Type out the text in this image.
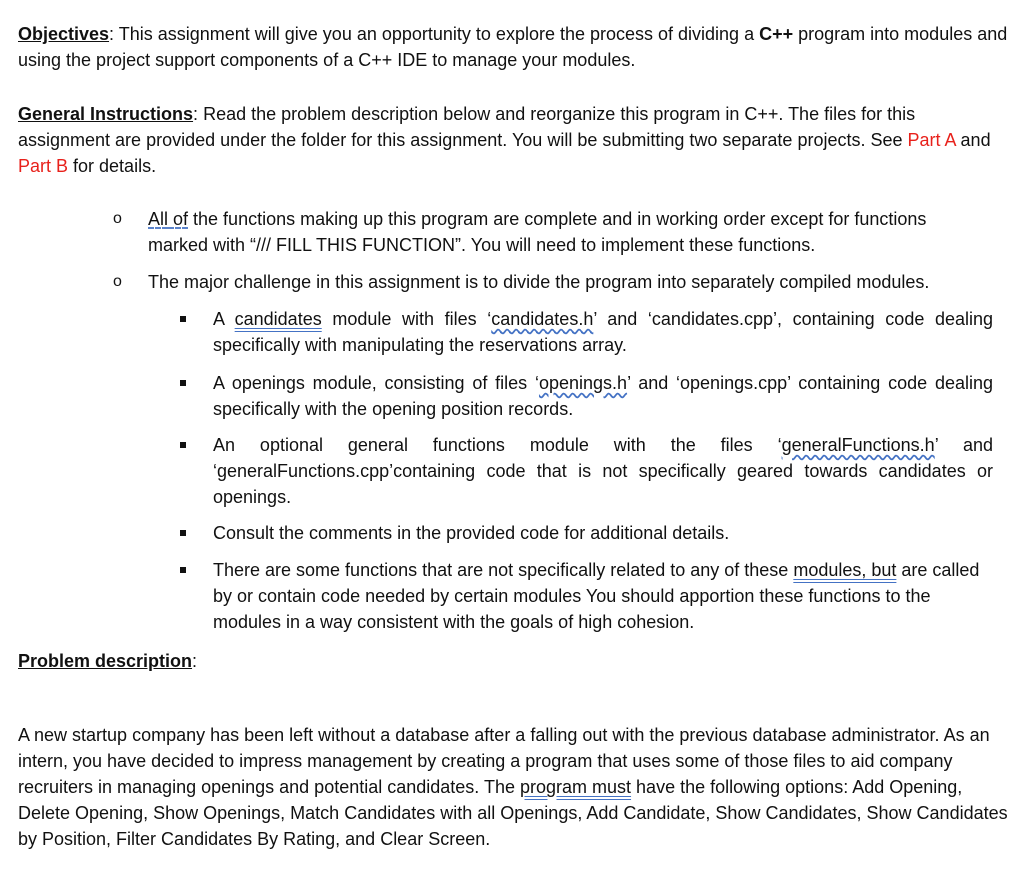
Objectives: This assignment will give you an opportunity to explore the process of dividing a C++ program into modules and using the project support components of a C++ IDE to manage your modules.

General Instructions: Read the problem description below and reorganize this program in C++. The files for this assignment are provided under the folder for this assignment. You will be submitting two separate projects. See Part A and Part B for details.

o All of the functions making up this program are complete and in working order except for functions marked with “/// FILL THIS FUNCTION”. You will need to implement these functions.

o The major challenge in this assignment is to divide the program into separately compiled modules.

A candidates module with files ‘candidates.h’ and ‘candidates.cpp’, containing code dealing specifically with manipulating the reservations array.

A openings module, consisting of files ‘openings.h’ and ‘openings.cpp’ containing code dealing specifically with the opening position records.

An optional general functions module with the files ‘generalFunctions.h’ and ‘generalFunctions.cpp’containing code that is not specifically geared towards candidates or openings.

Consult the comments in the provided code for additional details.

There are some functions that are not specifically related to any of these modules, but are called by or contain code needed by certain modules You should apportion these functions to the modules in a way consistent with the goals of high cohesion.

Problem description:

A new startup company has been left without a database after a falling out with the previous database administrator. As an intern, you have decided to impress management by creating a program that uses some of those files to aid company recruiters in managing openings and potential candidates. The program must have the following options: Add Opening, Delete Opening, Show Openings, Match Candidates with all Openings, Add Candidate, Show Candidates, Show Candidates by Position, Filter Candidates By Rating, and Clear Screen.
